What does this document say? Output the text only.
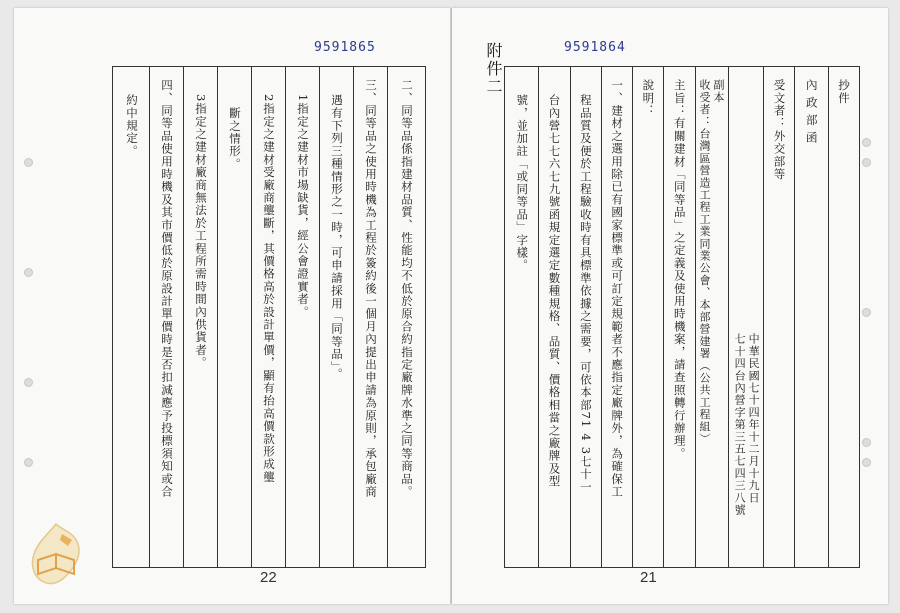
9591865
二、同等品係指建材品質、性能均不低於原合約指定廠牌水準之同等商品。
三、同等品之使用時機為工程於簽約後一個月內提出申請為原則，承包廠商
遇有下列三種情形之一時，可申請採用「同等品」。
1指定之建材市場缺貨，經公會證實者。
2指定之建材受廠商壟斷，其價格高於設計單價，顯有抬高價款形成壟
斷之情形。
3指定之建材廠商無法於工程所需時間內供貨者。
四、同等品使用時機及其市價低於原設計單價時是否扣減應予投標須知或合
約中規定。
22
附件二	9591864
抄件
內政部函
受文者：外交部等
中華民國七十四年十二月十九日
七十四台內營字第三五七四三八號
副本
收受者：台灣區營造工程工業同業公會、本部營建署（公共工程組）
主旨：有關建材「同等品」之定義及使用時機案，請查照轉行辦理。
說明：
一、建材之選用除已有國家標準或可訂定規範者不應指定廠牌外，為確保工
程品質及便於工程驗收時有具標準依據之需要，可依本部71 4 3七十一
台內營七七六七九號函規定選定數種規格、品質、價格相當之廠牌及型
號，並加註「或同等品」字樣。
21
